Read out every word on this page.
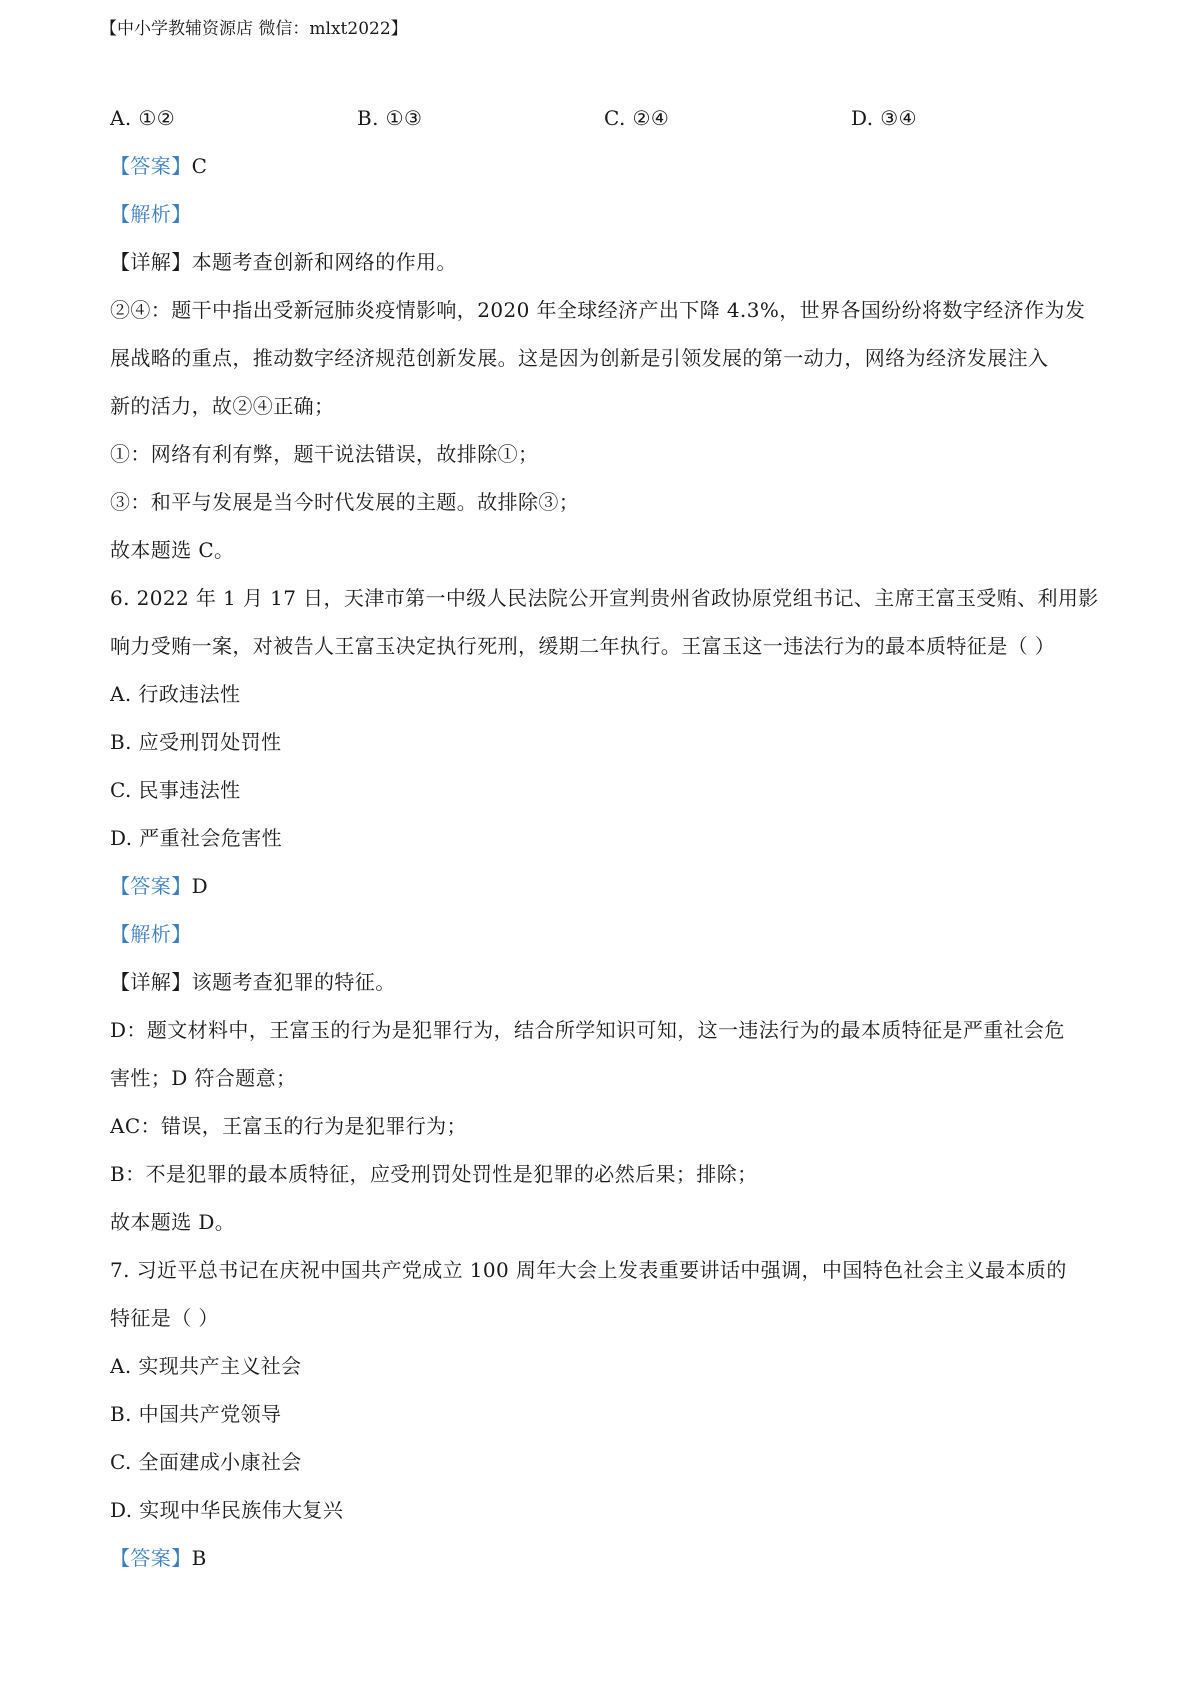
【中小学教辅资源店 微信：mlxt2022】
A. ①②	B. ①③	C. ②④	D. ③④
【答案】C
【解析】
【详解】本题考查创新和网络的作用。
②④：题干中指出受新冠肺炎疫情影响，2020 年全球经济产出下降 4.3%，世界各国纷纷将数字经济作为发
展战略的重点，推动数字经济规范创新发展。这是因为创新是引领发展的第一动力，网络为经济发展注入
新的活力，故②④正确；
①：网络有利有弊，题干说法错误，故排除①；
③：和平与发展是当今时代发展的主题。故排除③；
故本题选 C。
6. 2022 年 1 月 17 日，天津市第一中级人民法院公开宣判贵州省政协原党组书记、主席王富玉受贿、利用影
响力受贿一案，对被告人王富玉决定执行死刑，缓期二年执行。王富玉这一违法行为的最本质特征是（ ）
A. 行政违法性
B. 应受刑罚处罚性
C. 民事违法性
D. 严重社会危害性
【答案】D
【解析】
【详解】该题考查犯罪的特征。
D：题文材料中，王富玉的行为是犯罪行为，结合所学知识可知，这一违法行为的最本质特征是严重社会危
害性；D 符合题意；
AC：错误，王富玉的行为是犯罪行为；
B：不是犯罪的最本质特征，应受刑罚处罚性是犯罪的必然后果；排除；
故本题选 D。
7. 习近平总书记在庆祝中国共产党成立 100 周年大会上发表重要讲话中强调，中国特色社会主义最本质的
特征是（ ）
A. 实现共产主义社会
B. 中国共产党领导
C. 全面建成小康社会
D. 实现中华民族伟大复兴
【答案】B
